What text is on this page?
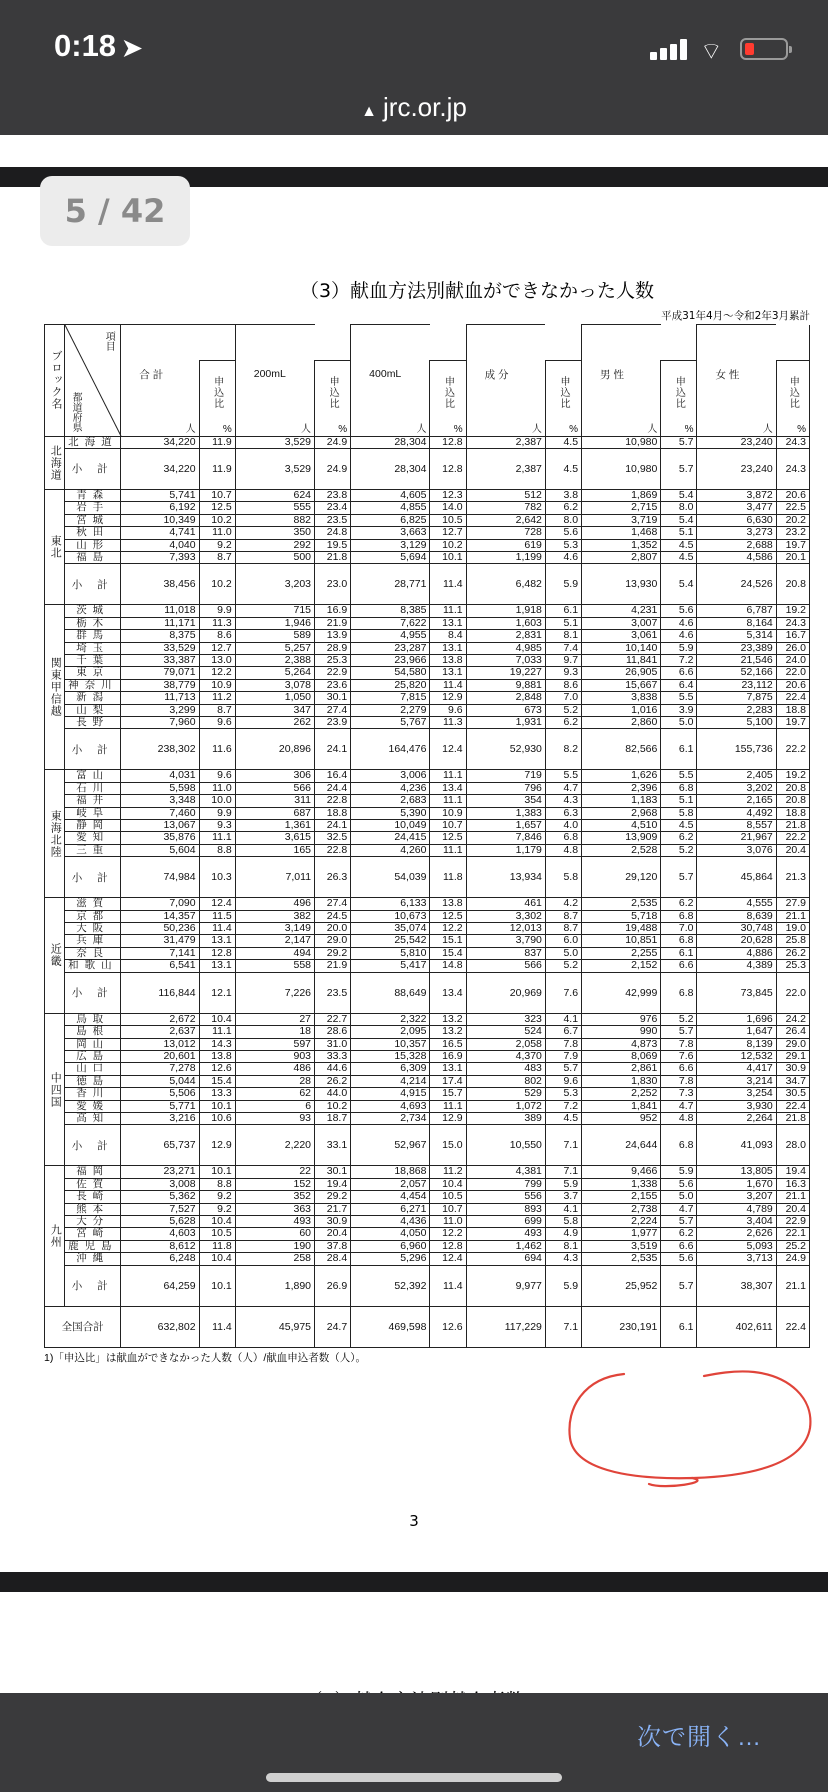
0:18 ➤	⌔
▲ jrc.or.jp
5 / 42
（3）献血方法別献血ができなかった人数
平成31年4月～令和2年3月累計
ブロック名	項目
都道府県	合 計		200mL		400mL		成 分		男 性		女 性	

			申込比		申込比		申込比		申込比		申込比		申込比

		人	%	人	%	人	%	人	%	人	%	人	%

北海道	北海道	34,220	11.9	3,529	24.9	28,304	12.8	2,387	4.5	10,980	5.7	23,240	24.3
	小 計	34,220	11.9	3,529	24.9	28,304	12.8	2,387	4.5	10,980	5.7	23,240	24.3

東北	青森	5,741	10.7	624	23.8	4,605	12.3	512	3.8	1,869	5.4	3,872	20.6
	岩手	6,192	12.5	555	23.4	4,855	14.0	782	6.2	2,715	8.0	3,477	22.5
	宮城	10,349	10.2	882	23.5	6,825	10.5	2,642	8.0	3,719	5.4	6,630	20.2
	秋田	4,741	11.0	350	24.8	3,663	12.7	728	5.6	1,468	5.1	3,273	23.2
	山形	4,040	9.2	292	19.5	3,129	10.2	619	5.3	1,352	4.5	2,688	19.7
	福島	7,393	8.7	500	21.8	5,694	10.1	1,199	4.6	2,807	4.5	4,586	20.1
	小 計	38,456	10.2	3,203	23.0	28,771	11.4	6,482	5.9	13,930	5.4	24,526	20.8

関東甲信越	茨城	11,018	9.9	715	16.9	8,385	11.1	1,918	6.1	4,231	5.6	6,787	19.2
	栃木	11,171	11.3	1,946	21.9	7,622	13.1	1,603	5.1	3,007	4.6	8,164	24.3
	群馬	8,375	8.6	589	13.9	4,955	8.4	2,831	8.1	3,061	4.6	5,314	16.7
	埼玉	33,529	12.7	5,257	28.9	23,287	13.1	4,985	7.4	10,140	5.9	23,389	26.0
	千葉	33,387	13.0	2,388	25.3	23,966	13.8	7,033	9.7	11,841	7.2	21,546	24.0
	東京	79,071	12.2	5,264	22.9	54,580	13.1	19,227	9.3	26,905	6.6	52,166	22.0
	神奈川	38,779	10.9	3,078	23.6	25,820	11.4	9,881	8.6	15,667	6.4	23,112	20.6
	新潟	11,713	11.2	1,050	30.1	7,815	12.9	2,848	7.0	3,838	5.5	7,875	22.4
	山梨	3,299	8.7	347	27.4	2,279	9.6	673	5.2	1,016	3.9	2,283	18.8
	長野	7,960	9.6	262	23.9	5,767	11.3	1,931	6.2	2,860	5.0	5,100	19.7
	小 計	238,302	11.6	20,896	24.1	164,476	12.4	52,930	8.2	82,566	6.1	155,736	22.2

東海北陸	富山	4,031	9.6	306	16.4	3,006	11.1	719	5.5	1,626	5.5	2,405	19.2
	石川	5,598	11.0	566	24.4	4,236	13.4	796	4.7	2,396	6.8	3,202	20.8
	福井	3,348	10.0	311	22.8	2,683	11.1	354	4.3	1,183	5.1	2,165	20.8
	岐阜	7,460	9.9	687	18.8	5,390	10.9	1,383	6.3	2,968	5.8	4,492	18.8
	静岡	13,067	9.3	1,361	24.1	10,049	10.7	1,657	4.0	4,510	4.5	8,557	21.8
	愛知	35,876	11.1	3,615	32.5	24,415	12.5	7,846	6.8	13,909	6.2	21,967	22.2
	三重	5,604	8.8	165	22.8	4,260	11.1	1,179	4.8	2,528	5.2	3,076	20.4
	小 計	74,984	10.3	7,011	26.3	54,039	11.8	13,934	5.8	29,120	5.7	45,864	21.3

近畿	滋賀	7,090	12.4	496	27.4	6,133	13.8	461	4.2	2,535	6.2	4,555	27.9
	京都	14,357	11.5	382	24.5	10,673	12.5	3,302	8.7	5,718	6.8	8,639	21.1
	大阪	50,236	11.4	3,149	20.0	35,074	12.2	12,013	8.7	19,488	7.0	30,748	19.0
	兵庫	31,479	13.1	2,147	29.0	25,542	15.1	3,790	6.0	10,851	6.8	20,628	25.8
	奈良	7,141	12.8	494	29.2	5,810	15.4	837	5.0	2,255	6.1	4,886	26.2
	和歌山	6,541	13.1	558	21.9	5,417	14.8	566	5.2	2,152	6.6	4,389	25.3
	小 計	116,844	12.1	7,226	23.5	88,649	13.4	20,969	7.6	42,999	6.8	73,845	22.0

中四国	鳥取	2,672	10.4	27	22.7	2,322	13.2	323	4.1	976	5.2	1,696	24.2
	島根	2,637	11.1	18	28.6	2,095	13.2	524	6.7	990	5.7	1,647	26.4
	岡山	13,012	14.3	597	31.0	10,357	16.5	2,058	7.8	4,873	7.8	8,139	29.0
	広島	20,601	13.8	903	33.3	15,328	16.9	4,370	7.9	8,069	7.6	12,532	29.1
	山口	7,278	12.6	486	44.6	6,309	13.1	483	5.7	2,861	6.6	4,417	30.9
	徳島	5,044	15.4	28	26.2	4,214	17.4	802	9.6	1,830	7.8	3,214	34.7
	香川	5,506	13.3	62	44.0	4,915	15.7	529	5.3	2,252	7.3	3,254	30.5
	愛媛	5,771	10.1	6	10.2	4,693	11.1	1,072	7.2	1,841	4.7	3,930	22.4
	高知	3,216	10.6	93	18.7	2,734	12.9	389	4.5	952	4.8	2,264	21.8
	小 計	65,737	12.9	2,220	33.1	52,967	15.0	10,550	7.1	24,644	6.8	41,093	28.0

九州	福岡	23,271	10.1	22	30.1	18,868	11.2	4,381	7.1	9,466	5.9	13,805	19.4
	佐賀	3,008	8.8	152	19.4	2,057	10.4	799	5.9	1,338	5.6	1,670	16.3
	長崎	5,362	9.2	352	29.2	4,454	10.5	556	3.7	2,155	5.0	3,207	21.1
	熊本	7,527	9.2	363	21.7	6,271	10.7	893	4.1	2,738	4.7	4,789	20.4
	大分	5,628	10.4	493	30.9	4,436	11.0	699	5.8	2,224	5.7	3,404	22.9
	宮崎	4,603	10.5	60	20.4	4,050	12.2	493	4.9	1,977	6.2	2,626	22.1
	鹿児島	8,612	11.8	190	37.8	6,960	12.8	1,462	8.1	3,519	6.6	5,093	25.2
	沖縄	6,248	10.4	258	28.4	5,296	12.4	694	4.3	2,535	5.6	3,713	24.9
	小 計	64,259	10.1	1,890	26.9	52,392	11.4	9,977	5.9	25,952	5.7	38,307	21.1
全国合計		632,802	11.4	45,975	24.7	469,598	12.6	117,229	7.1	230,191	6.1	402,611	22.4
1)「申込比」は献血ができなかった人数（人）/献血申込者数（人）。
3
次で開く…
